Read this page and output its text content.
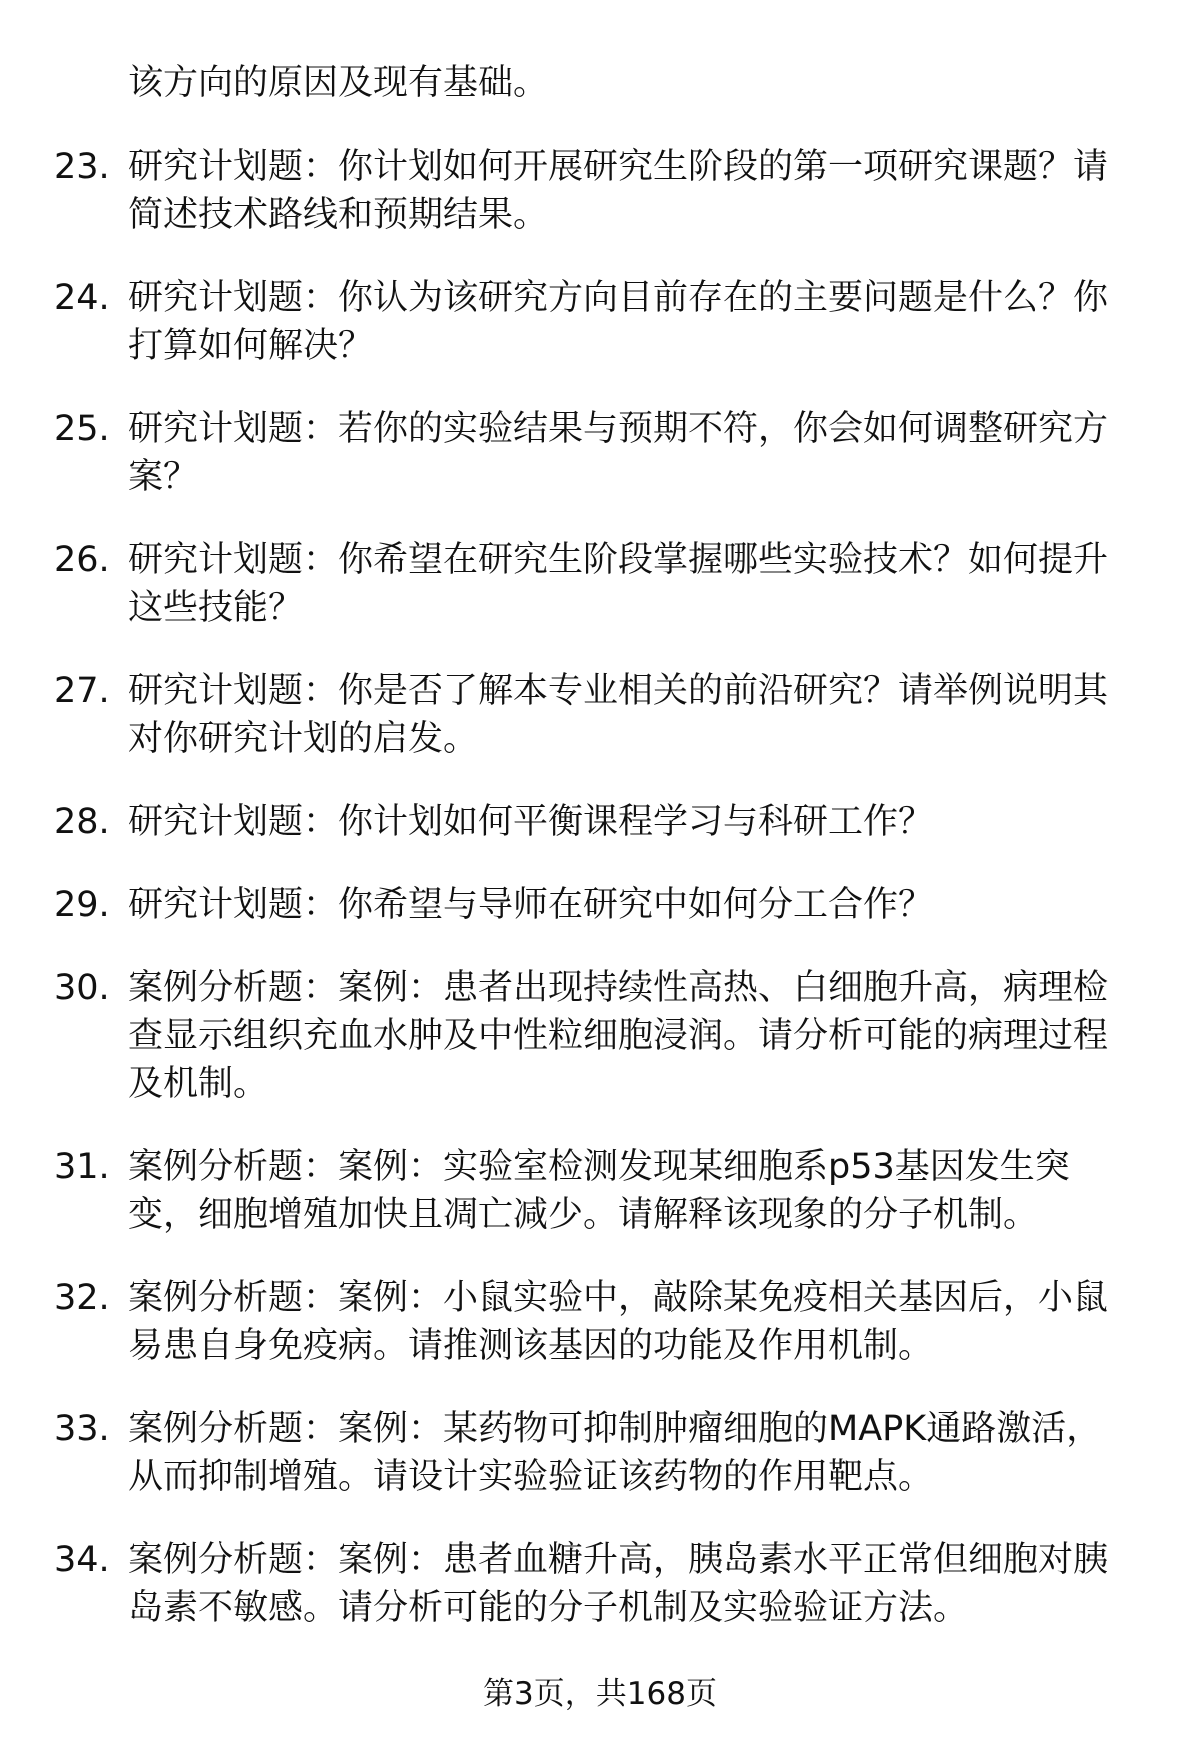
该方向的原因及现有基础。
23. 研究计划题：你计划如何开展研究生阶段的第一项研究课题？请
简述技术路线和预期结果。
24. 研究计划题：你认为该研究方向目前存在的主要问题是什么？你
打算如何解决？
25. 研究计划题：若你的实验结果与预期不符，你会如何调整研究方
案？
26. 研究计划题：你希望在研究生阶段掌握哪些实验技术？如何提升
这些技能？
27. 研究计划题：你是否了解本专业相关的前沿研究？请举例说明其
对你研究计划的启发。
28. 研究计划题：你计划如何平衡课程学习与科研工作？
29. 研究计划题：你希望与导师在研究中如何分工合作？
30. 案例分析题：案例：患者出现持续性高热、白细胞升高，病理检
查显示组织充血水肿及中性粒细胞浸润。请分析可能的病理过程
及机制。
31. 案例分析题：案例：实验室检测发现某细胞系p53基因发生突
变，细胞增殖加快且凋亡减少。请解释该现象的分子机制。
32. 案例分析题：案例：小鼠实验中，敲除某免疫相关基因后，小鼠
易患自身免疫病。请推测该基因的功能及作用机制。
33. 案例分析题：案例：某药物可抑制肿瘤细胞的MAPK通路激活，
从而抑制增殖。请设计实验验证该药物的作用靶点。
34. 案例分析题：案例：患者血糖升高，胰岛素水平正常但细胞对胰
岛素不敏感。请分析可能的分子机制及实验验证方法。
第3页，共168页
